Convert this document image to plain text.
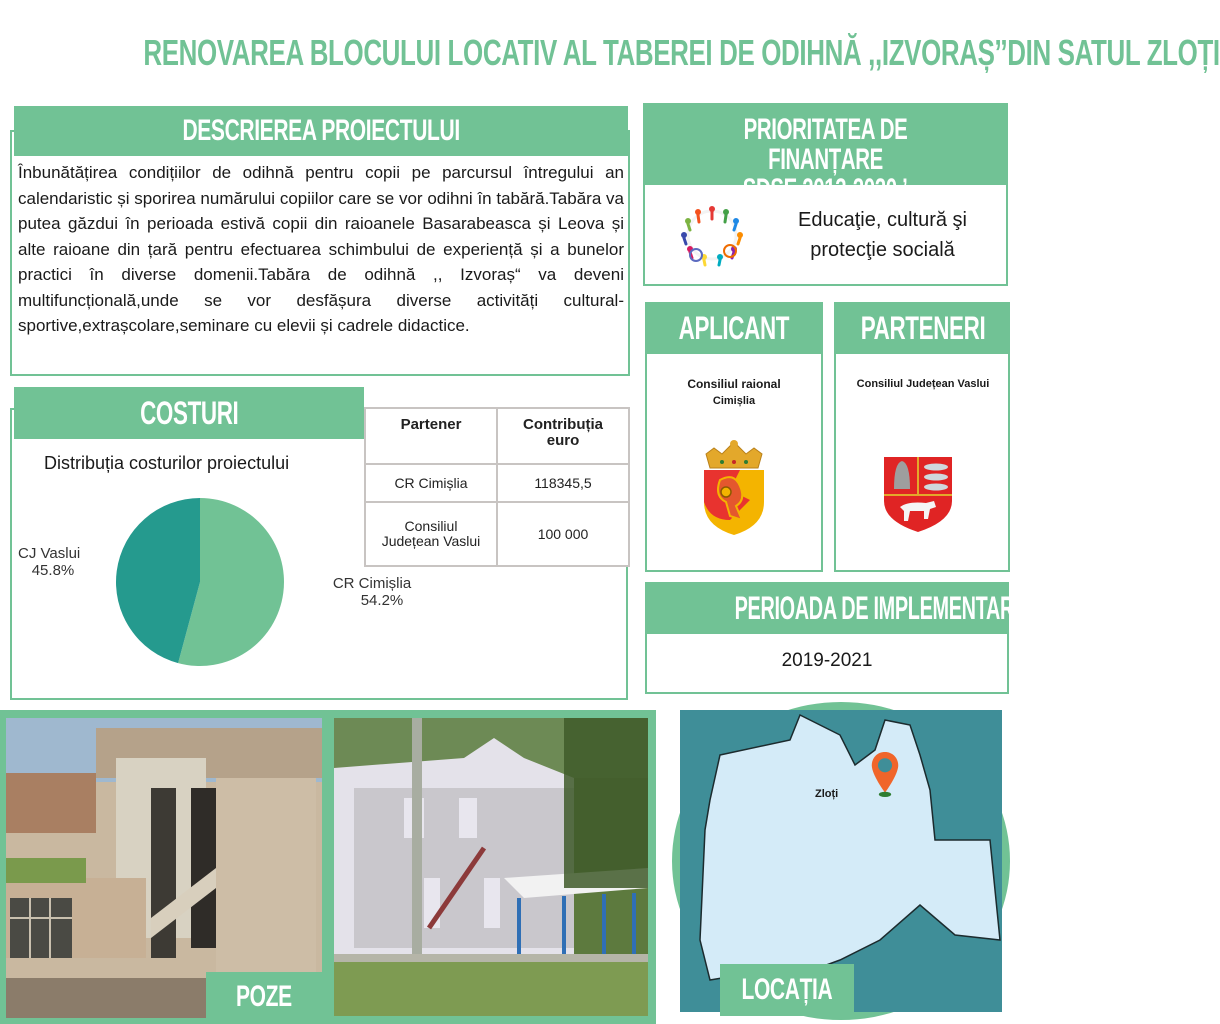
RENOVAREA BLOCULUI LOCATIV AL TABEREI DE ODIHNĂ ,,IZVORAȘ’’DIN SATUL ZLOȚI
DESCRIEREA PROIECTULUI
Înbunătățirea condițiilor de odihnă pentru copii pe parcursul întregului an calendaristic și sporirea numărului copiilor care se vor odihni în tabără.Tabăra va putea găzdui în perioada estivă copii din raioanele Basarabeasca și Leova și alte raioane din țară pentru efectuarea schimbului de experiență și a bunelor practici în diverse domenii.Tabăra de odihnă ,, Izvoraș“ va deveni multifuncțională,unde se vor desfășura diverse activități cultural-sportive,extrașcolare,seminare cu elevii și cadrele didactice.
PRIORITATEA DE FINANȚARE
SDSE 2013-2020 ’
Educaţie, cultură şi
protecţie socială
APLICANT
Consiliul raional
Cimișlia
PARTENERI
Consiliul Județean Vaslui
PERIOADA DE IMPLEMENTARE
2019-2021
COSTURI
Distribuția costurilor proiectului
CJ Vaslui
45.8%
CR Cimișlia
54.2%
Partener	Contribuția
euro

CR Cimișlia	118345,5

Consiliul
Județean Vaslui	100 000
POZE
Zloți
LOCAȚIA
